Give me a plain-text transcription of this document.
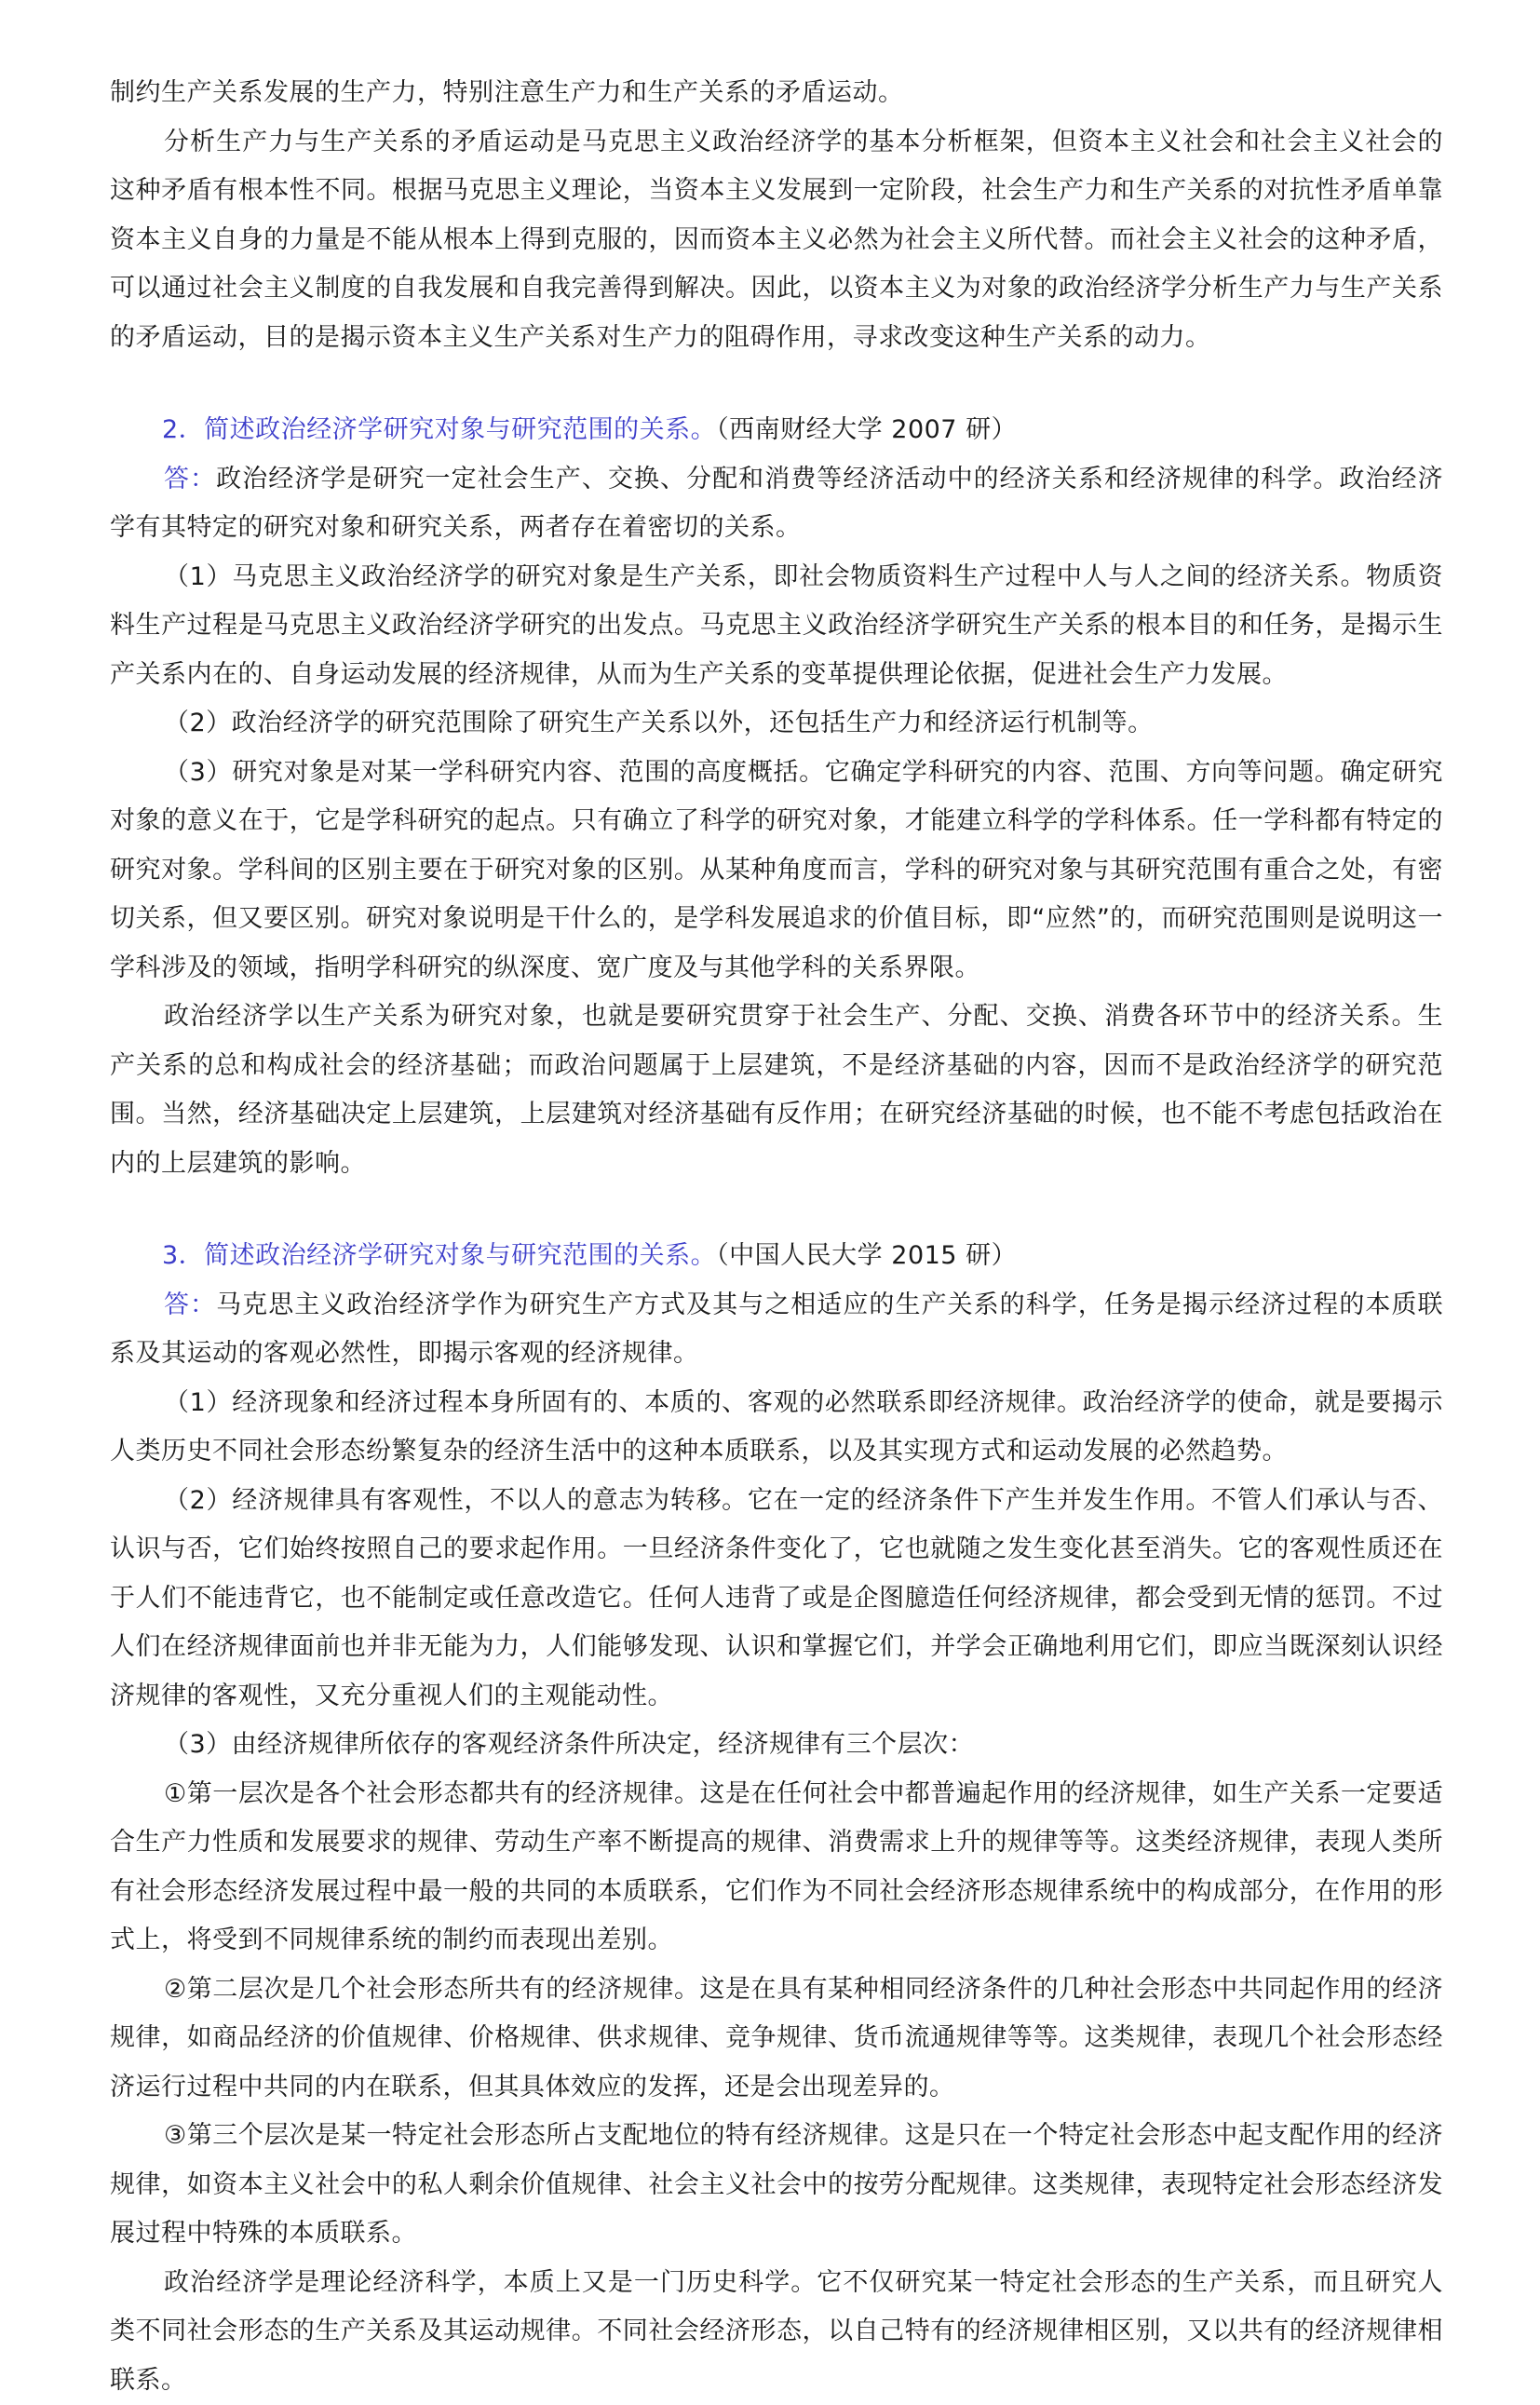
制约生产关系发展的生产力，特别注意生产力和生产关系的矛盾运动。

分析生产力与生产关系的矛盾运动是马克思主义政治经济学的基本分析框架，但资本主义社会和社会主义社会的这种矛盾有根本性不同。根据马克思主义理论，当资本主义发展到一定阶段，社会生产力和生产关系的对抗性矛盾单靠资本主义自身的力量是不能从根本上得到克服的，因而资本主义必然为社会主义所代替。而社会主义社会的这种矛盾，可以通过社会主义制度的自我发展和自我完善得到解决。因此，以资本主义为对象的政治经济学分析生产力与生产关系的矛盾运动，目的是揭示资本主义生产关系对生产力的阻碍作用，寻求改变这种生产关系的动力。

2．简述政治经济学研究对象与研究范围的关系。（西南财经大学 2007 研）

答：政治经济学是研究一定社会生产、交换、分配和消费等经济活动中的经济关系和经济规律的科学。政治经济学有其特定的研究对象和研究关系，两者存在着密切的关系。

（1）马克思主义政治经济学的研究对象是生产关系，即社会物质资料生产过程中人与人之间的经济关系。物质资料生产过程是马克思主义政治经济学研究的出发点。马克思主义政治经济学研究生产关系的根本目的和任务，是揭示生产关系内在的、自身运动发展的经济规律，从而为生产关系的变革提供理论依据，促进社会生产力发展。

（2）政治经济学的研究范围除了研究生产关系以外，还包括生产力和经济运行机制等。

（3）研究对象是对某一学科研究内容、范围的高度概括。它确定学科研究的内容、范围、方向等问题。确定研究对象的意义在于，它是学科研究的起点。只有确立了科学的研究对象，才能建立科学的学科体系。任一学科都有特定的研究对象。学科间的区别主要在于研究对象的区别。从某种角度而言，学科的研究对象与其研究范围有重合之处，有密切关系，但又要区别。研究对象说明是干什么的，是学科发展追求的价值目标，即“应然”的，而研究范围则是说明这一学科涉及的领域，指明学科研究的纵深度、宽广度及与其他学科的关系界限。

政治经济学以生产关系为研究对象，也就是要研究贯穿于社会生产、分配、交换、消费各环节中的经济关系。生产关系的总和构成社会的经济基础；而政治问题属于上层建筑，不是经济基础的内容，因而不是政治经济学的研究范围。当然，经济基础决定上层建筑，上层建筑对经济基础有反作用；在研究经济基础的时候，也不能不考虑包括政治在内的上层建筑的影响。

3．简述政治经济学研究对象与研究范围的关系。（中国人民大学 2015 研）

答：马克思主义政治经济学作为研究生产方式及其与之相适应的生产关系的科学，任务是揭示经济过程的本质联系及其运动的客观必然性，即揭示客观的经济规律。

（1）经济现象和经济过程本身所固有的、本质的、客观的必然联系即经济规律。政治经济学的使命，就是要揭示人类历史不同社会形态纷繁复杂的经济生活中的这种本质联系，以及其实现方式和运动发展的必然趋势。

（2）经济规律具有客观性，不以人的意志为转移。它在一定的经济条件下产生并发生作用。不管人们承认与否、认识与否，它们始终按照自己的要求起作用。一旦经济条件变化了，它也就随之发生变化甚至消失。它的客观性质还在于人们不能违背它，也不能制定或任意改造它。任何人违背了或是企图臆造任何经济规律，都会受到无情的惩罚。不过人们在经济规律面前也并非无能为力，人们能够发现、认识和掌握它们，并学会正确地利用它们，即应当既深刻认识经济规律的客观性，又充分重视人们的主观能动性。

（3）由经济规律所依存的客观经济条件所决定，经济规律有三个层次：

①第一层次是各个社会形态都共有的经济规律。这是在任何社会中都普遍起作用的经济规律，如生产关系一定要适合生产力性质和发展要求的规律、劳动生产率不断提高的规律、消费需求上升的规律等等。这类经济规律，表现人类所有社会形态经济发展过程中最一般的共同的本质联系，它们作为不同社会经济形态规律系统中的构成部分，在作用的形式上，将受到不同规律系统的制约而表现出差别。

②第二层次是几个社会形态所共有的经济规律。这是在具有某种相同经济条件的几种社会形态中共同起作用的经济规律，如商品经济的价值规律、价格规律、供求规律、竞争规律、货币流通规律等等。这类规律，表现几个社会形态经济运行过程中共同的内在联系，但其具体效应的发挥，还是会出现差异的。

③第三个层次是某一特定社会形态所占支配地位的特有经济规律。这是只在一个特定社会形态中起支配作用的经济规律，如资本主义社会中的私人剩余价值规律、社会主义社会中的按劳分配规律。这类规律，表现特定社会形态经济发展过程中特殊的本质联系。

政治经济学是理论经济科学，本质上又是一门历史科学。它不仅研究某一特定社会形态的生产关系，而且研究人类不同社会形态的生产关系及其运动规律。不同社会经济形态，以自己特有的经济规律相区别，又以共有的经济规律相联系。
